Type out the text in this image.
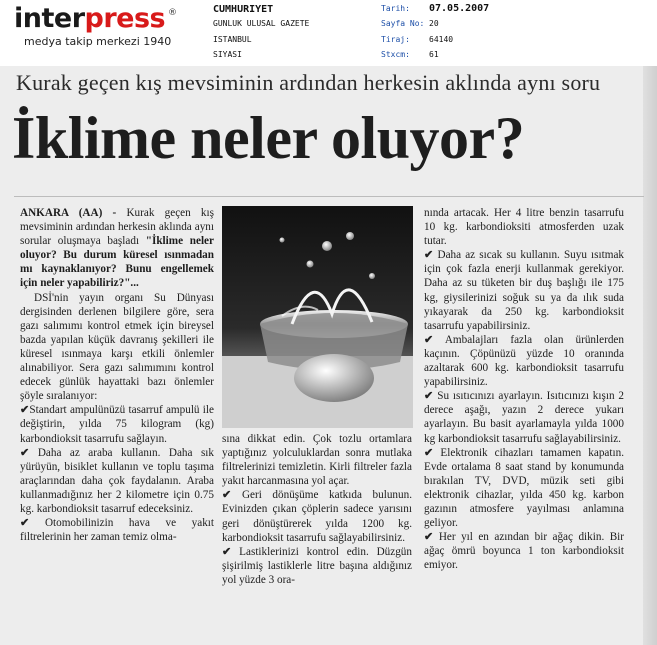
interpress ®
medya takip merkezi 1940
CUMHURIYET
GUNLUK ULUSAL GAZETE
ISTANBUL
SIYASI
Tarih: 07.05.2007
Sayfa No: 20
Tiraj: 64140
Stxcm: 61
Kurak geçen kış mevsiminin ardından herkesin aklında aynı soru
İklime neler oluyor?

ANKARA (AA) - Kurak geçen kış mevsiminin ardından herkesin aklında aynı sorular oluşmaya başladı "İklime neler oluyor? Bu durum küresel ısınmadan mı kaynaklanıyor? Bunu engellemek için neler yapabiliriz?"...

DSİ'nin yayın organı Su Dünyası dergisinden derlenen bilgilere göre, sera gazı salımımı kontrol etmek için bireysel bazda yapılan küçük davranış şekilleri ile küresel ısınmaya karşı etkili önlemler alınabiliyor. Sera gazı salımımını kontrol edecek günlük hayattaki bazı önlemler şöyle sıralanıyor:

✔Standart ampulünüzü tasarruf ampulü ile değiştirin, yılda 75 kilogram (kg) karbondioksit tasarrufu sağlayın.

✔ Daha az araba kullanın. Daha sık yürüyün, bisiklet kullanın ve toplu taşıma araçlarından daha çok faydalanın. Araba kullanmadığınız her 2 kilometre için 0.75 kg. karbondioksit tasarruf edeceksiniz.

✔ Otomobilinizin hava ve yakıt filtrelerinin her zaman temiz olma-

sına dikkat edin. Çok tozlu ortamlara yaptığınız yolculuklardan sonra mutlaka filtrelerinizi temizletin. Kirli filtreler fazla yakıt harcanmasına yol açar.

✔ Geri dönüşüme katkıda bulunun. Evinizden çıkan çöplerin sadece yarısını geri dönüştürerek yılda 1200 kg. karbondioksit tasarrufu sağlayabilirsiniz.

✔ Lastiklerinizi kontrol edin. Düzgün şişirilmiş lastiklerle litre başına aldığınız yol yüzde 3 ora-

nında artacak. Her 4 litre benzin tasarrufu 10 kg. karbondioksiti atmosferden uzak tutar.

✔ Daha az sıcak su kullanın. Suyu ısıtmak için çok fazla enerji kullanmak gerekiyor. Daha az su tüketen bir duş başlığı ile 175 kg, giysilerinizi soğuk su ya da ılık suda yıkayarak da 250 kg. karbondioksit tasarrufu yapabilirsiniz.

✔ Ambalajları fazla olan ürünlerden kaçının. Çöpünüzü yüzde 10 oranında azaltarak 600 kg. karbondioksit tasarrufu yapabilirsiniz.

✔ Su ısıtıcınızı ayarlayın. Isıtıcınızı kışın 2 derece aşağı, yazın 2 derece yukarı ayarlayın. Bu basit ayarlamayla yılda 1000 kg karbondioksit tasarrufu sağlayabilirsiniz.

✔ Elektronik cihazları tamamen kapatın. Evde ortalama 8 saat stand by konumunda bırakılan TV, DVD, müzik seti gibi elektronik cihazlar, yılda 450 kg. karbon gazının atmosfere yayılması anlamına geliyor.

✔ Her yıl en azından bir ağaç dikin. Bir ağaç ömrü boyunca 1 ton karbondioksit emiyor.
